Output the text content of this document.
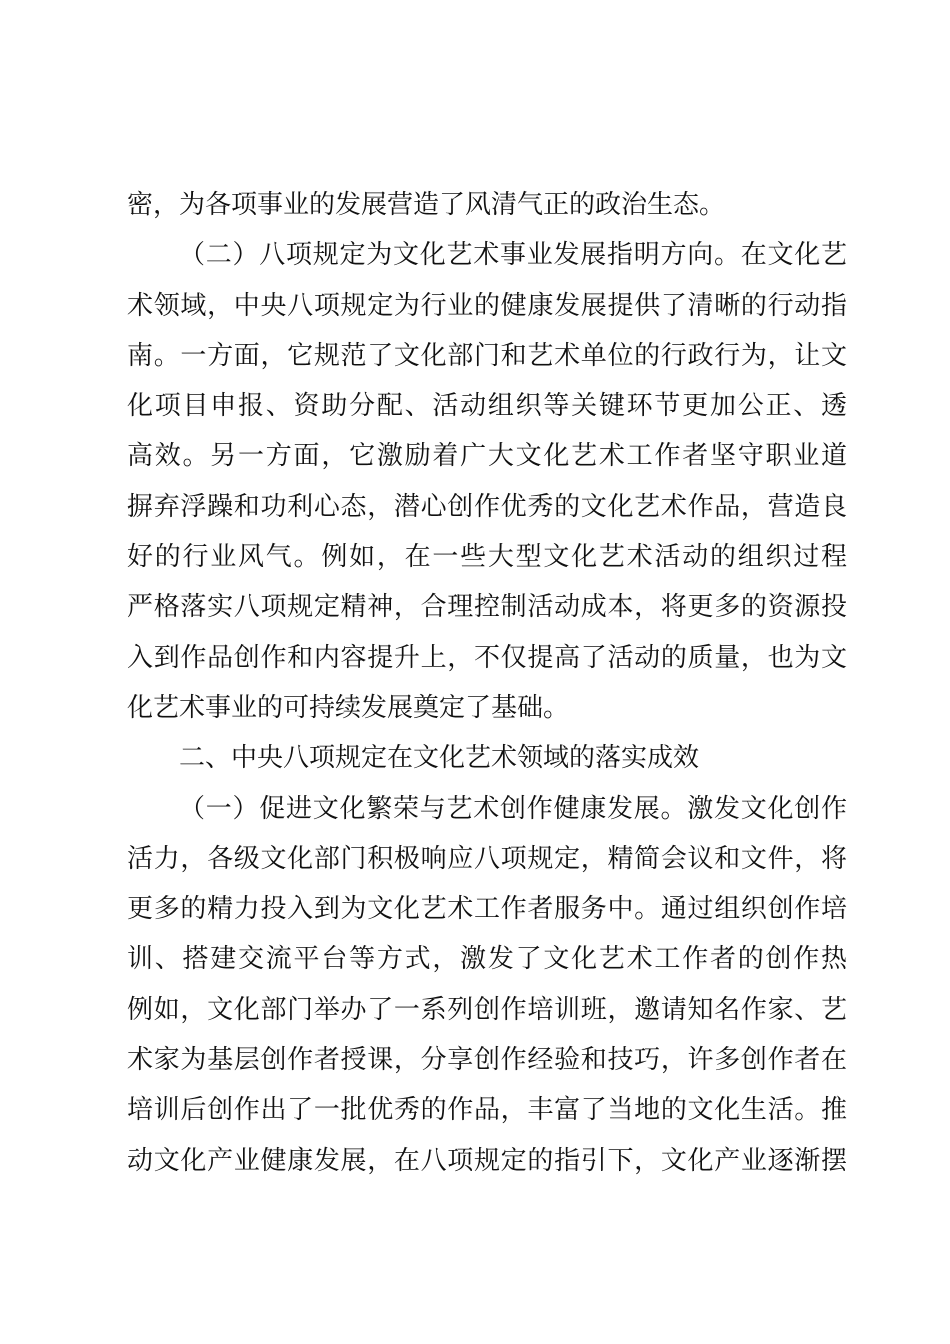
密，为各项事业的发展营造了风清气正的政治生态。
（二）八项规定为文化艺术事业发展指明方向。在文化艺
术领域，中央八项规定为行业的健康发展提供了清晰的行动指
南。一方面，它规范了文化部门和艺术单位的行政行为，让文
化项目申报、资助分配、活动组织等关键环节更加公正、透
高效。另一方面，它激励着广大文化艺术工作者坚守职业道
摒弃浮躁和功利心态，潜心创作优秀的文化艺术作品，营造良
好的行业风气。例如，在一些大型文化艺术活动的组织过程
严格落实八项规定精神，合理控制活动成本，将更多的资源投
入到作品创作和内容提升上，不仅提高了活动的质量，也为文
化艺术事业的可持续发展奠定了基础。
二、中央八项规定在文化艺术领域的落实成效
（一）促进文化繁荣与艺术创作健康发展。激发文化创作
活力，各级文化部门积极响应八项规定，精简会议和文件，将
更多的精力投入到为文化艺术工作者服务中。通过组织创作培
训、搭建交流平台等方式，激发了文化艺术工作者的创作热
例如，文化部门举办了一系列创作培训班，邀请知名作家、艺
术家为基层创作者授课，分享创作经验和技巧，许多创作者在
培训后创作出了一批优秀的作品，丰富了当地的文化生活。推
动文化产业健康发展，在八项规定的指引下，文化产业逐渐摆
